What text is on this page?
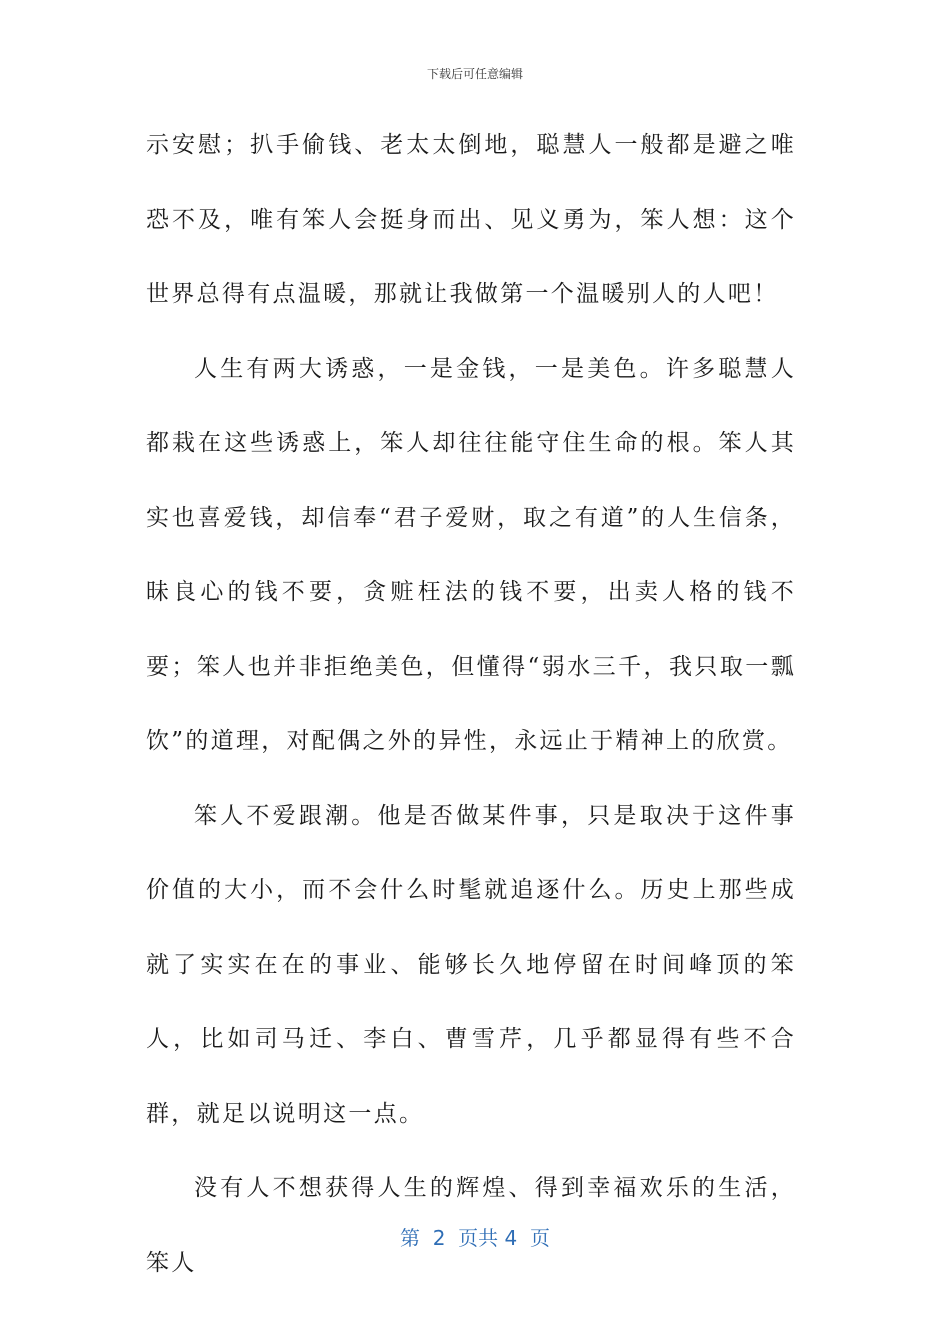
下载后可任意编辑

示安慰；扒手偷钱、老太太倒地，聪慧人一般都是避之唯恐不及，唯有笨人会挺身而出、见义勇为，笨人想：这个世界总得有点温暖，那就让我做第一个温暖别人的人吧！

人生有两大诱惑，一是金钱，一是美色。许多聪慧人都栽在这些诱惑上，笨人却往往能守住生命的根。笨人其实也喜爱钱，却信奉“君子爱财，取之有道”的人生信条，昧良心的钱不要，贪赃枉法的钱不要，出卖人格的钱不要；笨人也并非拒绝美色，但懂得“弱水三千，我只取一瓢饮”的道理，对配偶之外的异性，永远止于精神上的欣赏。

笨人不爱跟潮。他是否做某件事，只是取决于这件事价值的大小，而不会什么时髦就追逐什么。历史上那些成就了实实在在的事业、能够长久地停留在时间峰顶的笨人，比如司马迁、李白、曹雪芹，几乎都显得有些不合群，就足以说明这一点。

没有人不想获得人生的辉煌、得到幸福欢乐的生活，笨人

第  2  页共 4  页
